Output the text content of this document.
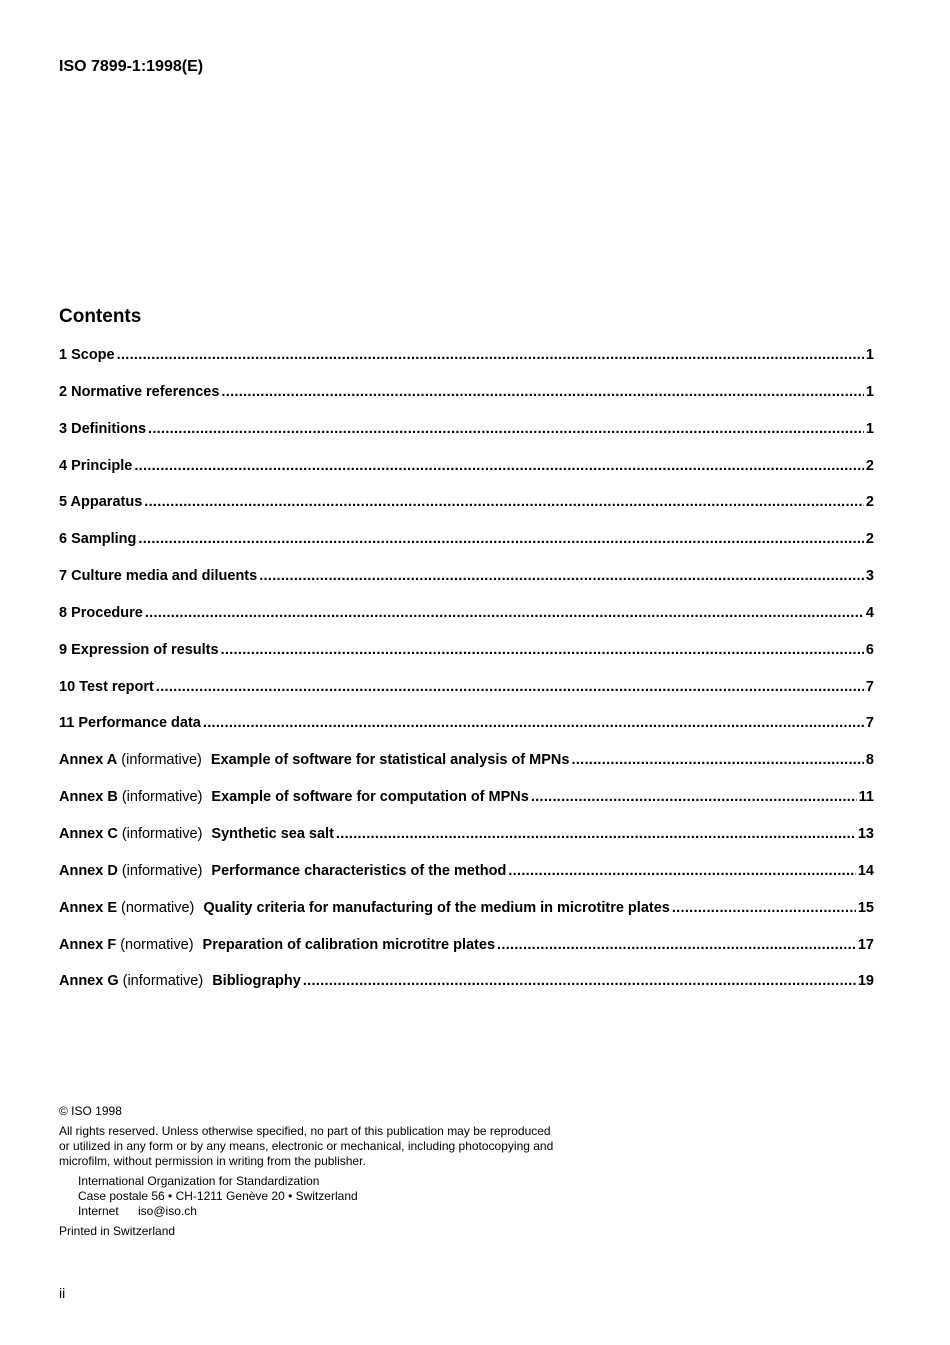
ISO 7899-1:1998(E)
Contents
1 Scope .....	1
2 Normative references .....	1
3 Definitions .....	1
4 Principle .....	2
5 Apparatus .....	2
6 Sampling .....	2
7 Culture media and diluents .....	3
8 Procedure .....	4
9 Expression of results .....	6
10 Test report .....	7
11 Performance data .....	7
Annex A (informative) Example of software for statistical analysis of MPNs .....	8
Annex B (informative) Example of software for computation of MPNs .....	11
Annex C (informative) Synthetic sea salt .....	13
Annex D (informative) Performance characteristics of the method .....	14
Annex E (normative) Quality criteria for manufacturing of the medium in microtitre plates .....	15
Annex F (normative) Preparation of calibration microtitre plates .....	17
Annex G (informative) Bibliography .....	19

© ISO 1998

All rights reserved. Unless otherwise specified, no part of this publication may be reproduced

or utilized in any form or by any means, electronic or mechanical, including photocopying and

microfilm, without permission in writing from the publisher.

International Organization for Standardization

Case postale 56 • CH-1211 Genève 20 • Switzerland

Internet iso@iso.ch

Printed in Switzerland

ii
